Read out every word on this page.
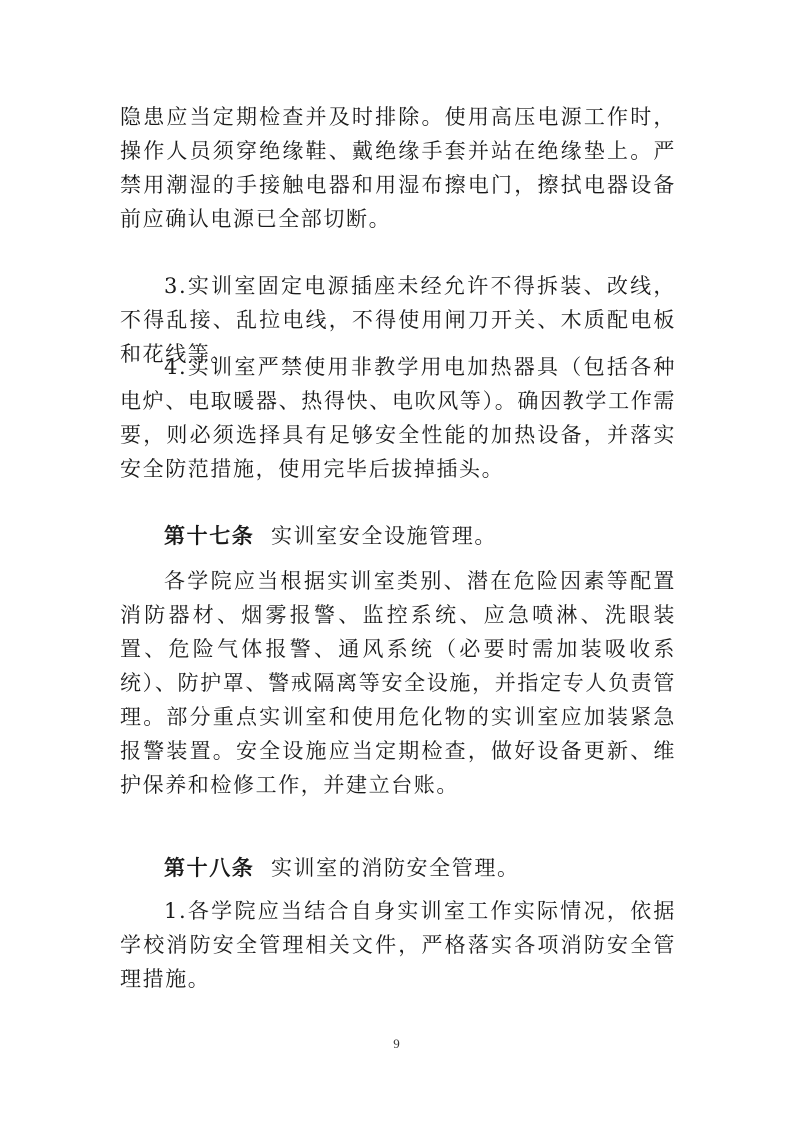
隐患应当定期检查并及时排除。使用高压电源工作时，操作人员须穿绝缘鞋、戴绝缘手套并站在绝缘垫上。严禁用潮湿的手接触电器和用湿布擦电门，擦拭电器设备前应确认电源已全部切断。

3.实训室固定电源插座未经允许不得拆装、改线，不得乱接、乱拉电线，不得使用闸刀开关、木质配电板和花线等。

4.实训室严禁使用非教学用电加热器具（包括各种电炉、电取暖器、热得快、电吹风等）。确因教学工作需要，则必须选择具有足够安全性能的加热设备，并落实安全防范措施，使用完毕后拔掉插头。

第十七条  实训室安全设施管理。

各学院应当根据实训室类别、潜在危险因素等配置消防器材、烟雾报警、监控系统、应急喷淋、洗眼装置、危险气体报警、通风系统（必要时需加装吸收系统）、防护罩、警戒隔离等安全设施，并指定专人负责管理。部分重点实训室和使用危化物的实训室应加装紧急报警装置。安全设施应当定期检查，做好设备更新、维护保养和检修工作，并建立台账。

第十八条  实训室的消防安全管理。

1.各学院应当结合自身实训室工作实际情况，依据学校消防安全管理相关文件，严格落实各项消防安全管理措施。

9
